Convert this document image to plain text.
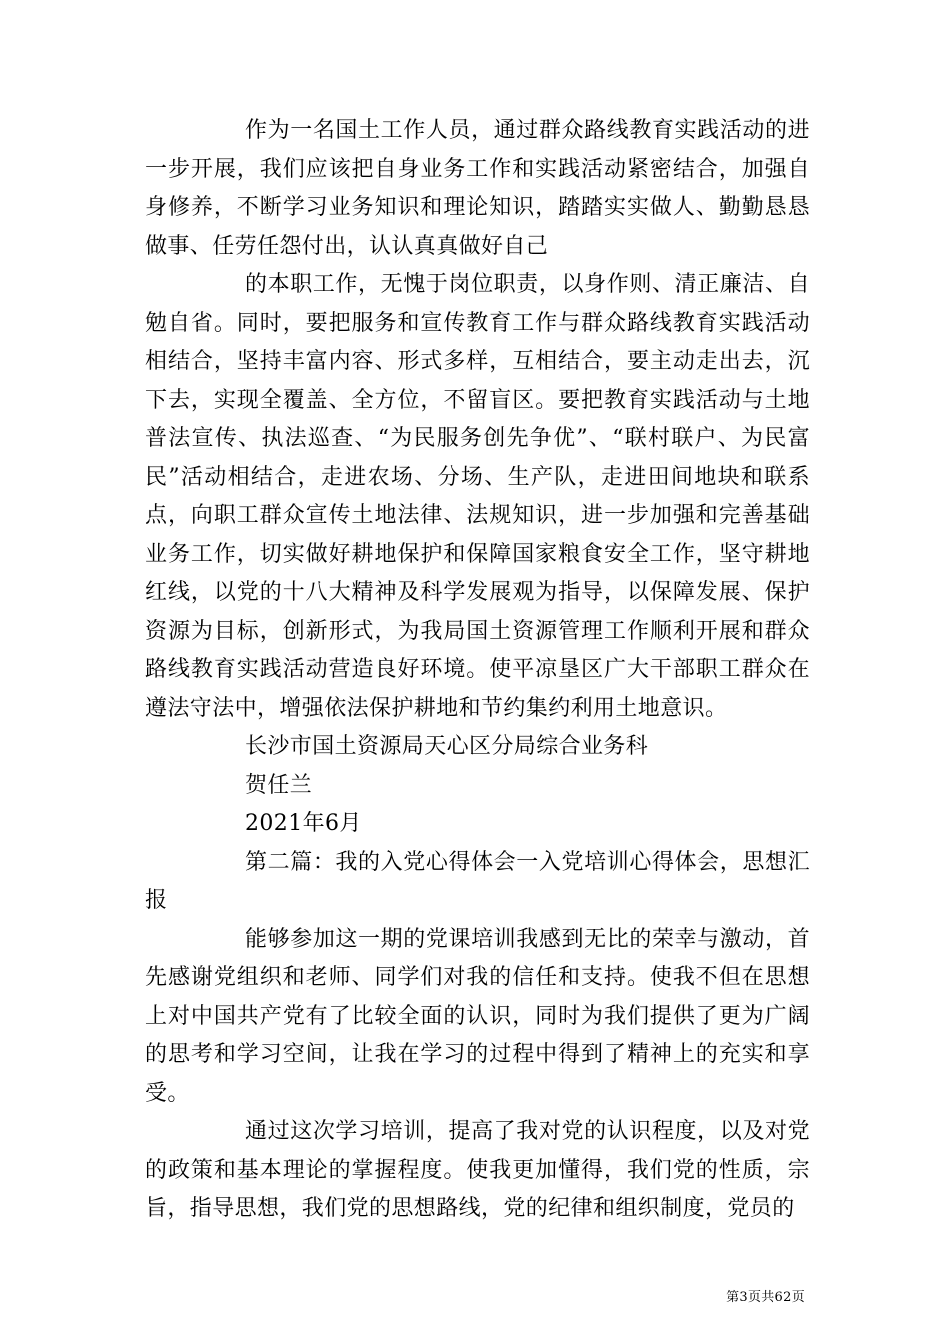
作为一名国土工作人员，通过群众路线教育实践活动的进一步开展，我们应该把自身业务工作和实践活动紧密结合，加强自身修养，不断学习业务知识和理论知识，踏踏实实做人、勤勤恳恳做事、任劳任怨付出，认认真真做好自己

的本职工作，无愧于岗位职责，以身作则、清正廉洁、自勉自省。同时，要把服务和宣传教育工作与群众路线教育实践活动相结合，坚持丰富内容、形式多样，互相结合，要主动走出去，沉下去，实现全覆盖、全方位，不留盲区。要把教育实践活动与土地普法宣传、执法巡查、“为民服务创先争优”、“联村联户、为民富民”活动相结合，走进农场、分场、生产队，走进田间地块和联系点，向职工群众宣传土地法律、法规知识，进一步加强和完善基础业务工作，切实做好耕地保护和保障国家粮食安全工作，坚守耕地红线，以党的十八大精神及科学发展观为指导，以保障发展、保护资源为目标，创新形式，为我局国土资源管理工作顺利开展和群众路线教育实践活动营造良好环境。使平凉垦区广大干部职工群众在遵法守法中，增强依法保护耕地和节约集约利用土地意识。

长沙市国土资源局天心区分局综合业务科

贺任兰

2021年6月

第二篇：我的入党心得体会一入党培训心得体会，思想汇报

能够参加这一期的党课培训我感到无比的荣幸与激动，首先感谢党组织和老师、同学们对我的信任和支持。使我不但在思想上对中国共产党有了比较全面的认识，同时为我们提供了更为广阔的思考和学习空间，让我在学习的过程中得到了精神上的充实和享受。

通过这次学习培训，提高了我对党的认识程度，以及对党的政策和基本理论的掌握程度。使我更加懂得，我们党的性质，宗旨，指导思想，我们党的思想路线，党的纪律和组织制度，党员的

第3页共62页
